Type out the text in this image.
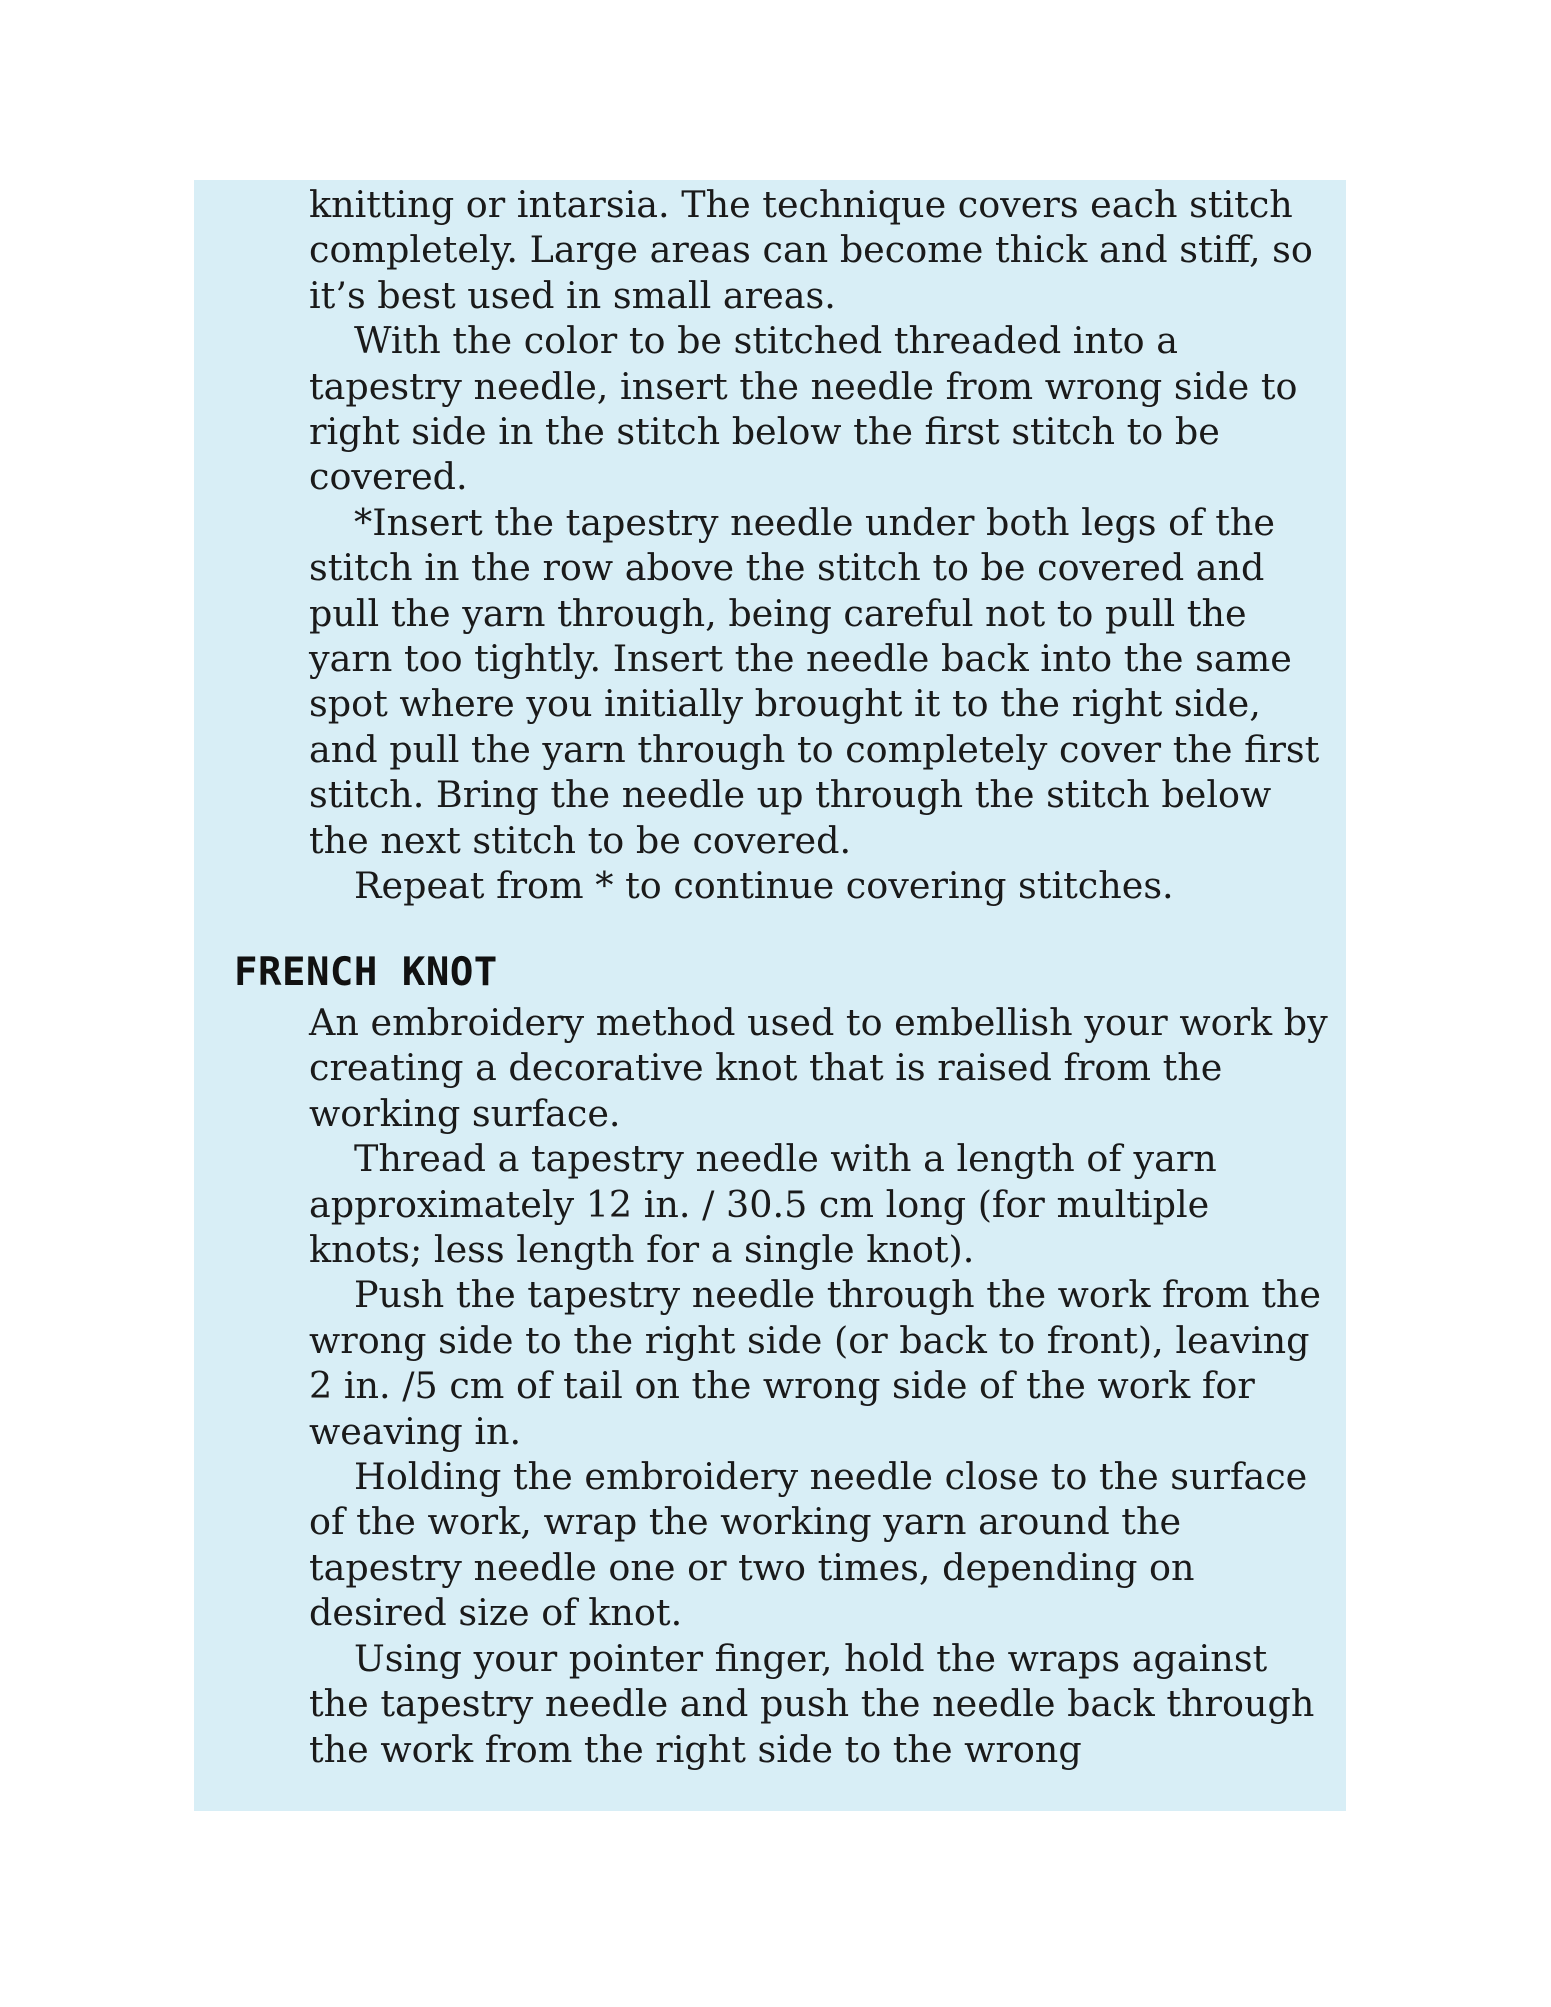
knitting or intarsia. The technique covers each stitch completely. Large areas can become thick and stiff, so it’s best used in small areas.

With the color to be stitched threaded into a tapestry needle, insert the needle from wrong side to right side in the stitch below the first stitch to be covered.

*Insert the tapestry needle under both legs of the stitch in the row above the stitch to be covered and pull the yarn through, being careful not to pull the yarn too tightly. Insert the needle back into the same spot where you initially brought it to the right side, and pull the yarn through to completely cover the first stitch. Bring the needle up through the stitch below the next stitch to be covered.

Repeat from * to continue covering stitches.

FRENCH KNOT

An embroidery method used to embellish your work by creating a decorative knot that is raised from the working surface.

Thread a tapestry needle with a length of yarn approximately 12 in. / 30.5 cm long (for multiple knots; less length for a single knot).

Push the tapestry needle through the work from the wrong side to the right side (or back to front), leaving 2 in. /5 cm of tail on the wrong side of the work for weaving in.

Holding the embroidery needle close to the surface of the work, wrap the working yarn around the tapestry needle one or two times, depending on desired size of knot.

Using your pointer finger, hold the wraps against the tapestry needle and push the needle back through the work from the right side to the wrong
